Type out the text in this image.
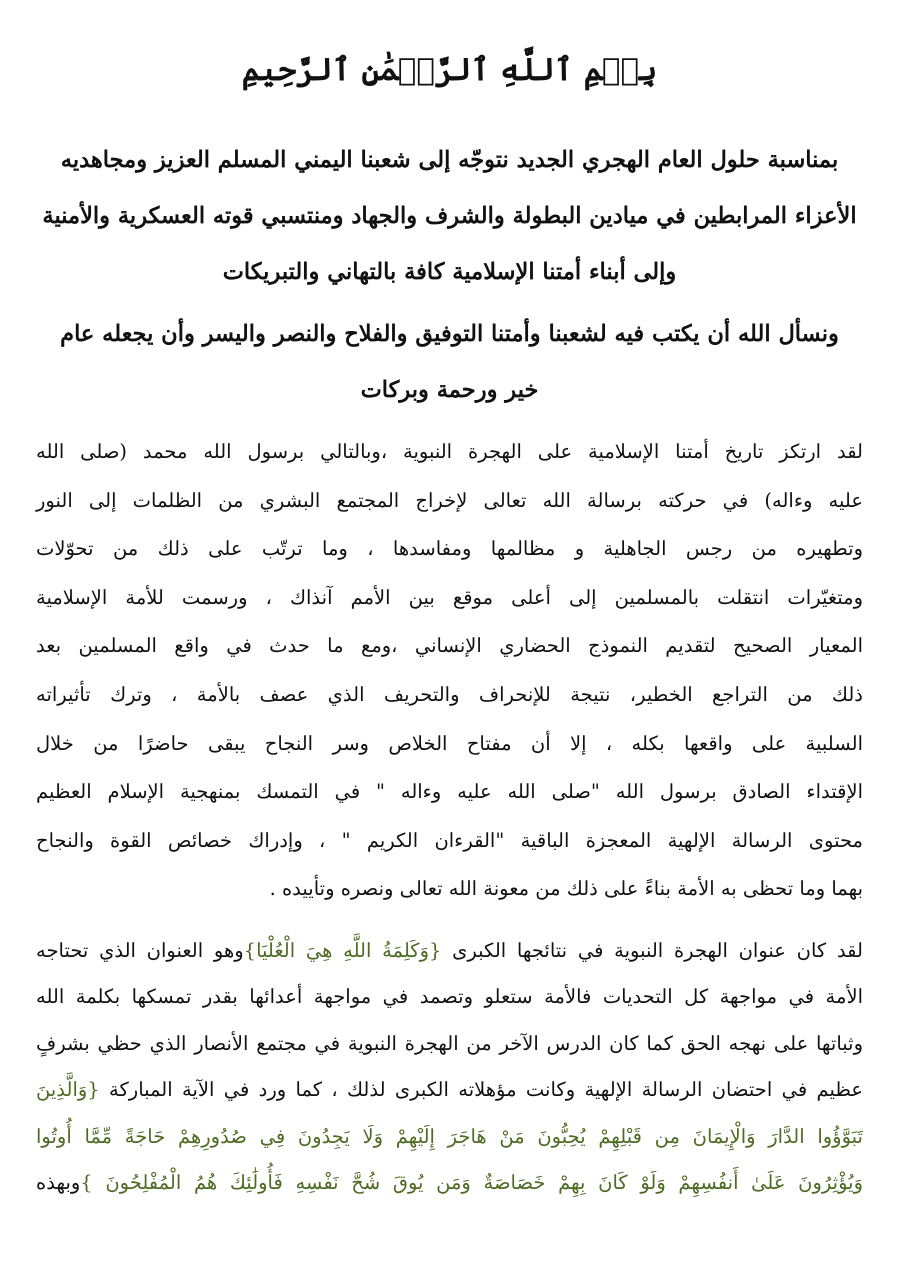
بِسۡمِ ٱللَّهِ ٱلرَّحۡمَٰنِ ٱلرَّحِيمِ
بمناسبة حلول العام الهجري الجديد نتوجّه إلى شعبنا اليمني المسلم العزيز ومجاهديه
الأعزاء المرابطين في ميادين البطولة والشرف والجهاد ومنتسبي قوته العسكرية والأمنية
وإلى أبناء أمتنا الإسلامية كافة بالتهاني والتبريكات
ونسأل الله أن يكتب فيه لشعبنا وأمتنا التوفيق والفلاح والنصر واليسر وأن يجعله عام
خير ورحمة وبركات
لقد ارتكز تاريخ أمتنا الإسلامية على الهجرة النبوية ،وبالتالي برسول الله محمد (صلى الله
عليه وءاله) في حركته برسالة الله تعالى لإخراج المجتمع البشري من الظلمات إلى النور
وتطهيره من رجس الجاهلية و مظالمها ومفاسدها ، وما ترتّب على ذلك من تحوّلات
ومتغيّرات انتقلت بالمسلمين إلى أعلى موقع بين الأمم آنذاك ، ورسمت للأمة الإسلامية
المعيار الصحيح لتقديم النموذج الحضاري الإنساني ،ومع ما حدث في واقع المسلمين بعد
ذلك من التراجع الخطير، نتيجة للإنحراف والتحريف الذي عصف بالأمة ، وترك تأثيراته
السلبية على واقعها بكله ، إلا أن مفتاح الخلاص وسر النجاح يبقى حاضرًا من خلال
الإقتداء الصادق برسول الله "صلى الله عليه وءاله " في التمسك بمنهجية الإسلام العظيم
محتوى الرسالة الإلهية المعجزة الباقية "القرءان الكريم " ، وإدراك خصائص القوة والنجاح
بهما وما تحظى به الأمة بناءً على ذلك من معونة الله تعالى ونصره وتأييده .
لقد كان عنوان الهجرة النبوية في نتائجها الكبرى {وَكَلِمَةُ اللَّهِ هِيَ الْعُلْيَا}وهو العنوان الذي تحتاجه
الأمة في مواجهة كل التحديات فالأمة ستعلو وتصمد في مواجهة أعدائها بقدر تمسكها بكلمة الله
وثباتها على نهجه الحق كما كان الدرس الآخر من الهجرة النبوية في مجتمع الأنصار الذي حظي بشرفٍ
عظيم في احتضان الرسالة الإلهية وكانت مؤهلاته الكبرى لذلك ، كما ورد في الآية المباركة {وَالَّذِينَ
تَبَوَّؤُوا الدَّارَ وَالْإِيمَانَ مِن قَبْلِهِمْ يُحِبُّونَ مَنْ هَاجَرَ إِلَيْهِمْ وَلَا يَجِدُونَ فِي صُدُورِهِمْ حَاجَةً مِّمَّا أُوتُوا
وَيُؤْثِرُونَ عَلَىٰ أَنفُسِهِمْ وَلَوْ كَانَ بِهِمْ خَصَاصَةٌ وَمَن يُوقَ شُحَّ نَفْسِهِ فَأُولَٰئِكَ هُمُ الْمُفْلِحُونَ }وبهذه
